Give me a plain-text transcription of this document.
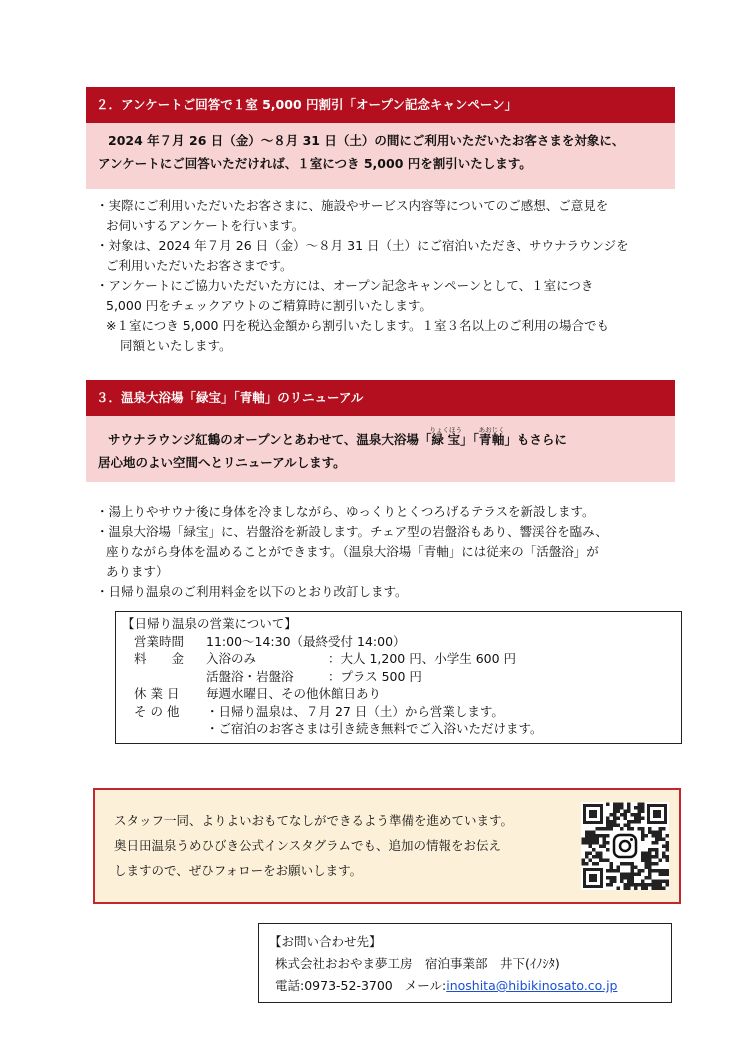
２．アンケートご回答で１室 5,000 円割引「オープン記念キャンペーン」

2024 年７月 26 日（金）～８月 31 日（土）の間にご利用いただいたお客さまを対象に、

アンケートにご回答いただければ、１室につき 5,000 円を割引いたします。

・実際にご利用いただいたお客さまに、施設やサービス内容等についてのご感想、ご意見を

お伺いするアンケートを行います。

・対象は、2024 年７月 26 日（金）～８月 31 日（土）にご宿泊いただき、サウナラウンジを

ご利用いただいたお客さまです。

・アンケートにご協力いただいた方には、オープン記念キャンペーンとして、１室につき

5,000 円をチェックアウトのご精算時に割引いたします。

※１室につき 5,000 円を税込金額から割引いたします。１室３名以上のご利用の場合でも

同額といたします。

３．温泉大浴場「緑宝」「青軸」のリニューアル

サウナラウンジ紅鶴のオープンとあわせて、温泉大浴場「緑宝りょくほう」「青軸あおじく」もさらに

居心地のよい空間へとリニューアルします。

・湯上りやサウナ後に身体を冷ましながら、ゆっくりとくつろげるテラスを新設します。

・温泉大浴場「緑宝」に、岩盤浴を新設します。チェア型の岩盤浴もあり、響渓谷を臨み、

座りながら身体を温めることができます。（温泉大浴場「青軸」には従来の「活盤浴」が

あります）

・日帰り温泉のご利用料金を以下のとおり改訂します。

【日帰り温泉の営業について】
営業時間	11:00～14:30（最終受付 14:00）
料　　金	入浴のみ	：大人 1,200 円、小学生 600 円
活盤浴・岩盤浴	：プラス 500 円
休 業 日	毎週水曜日、その他休館日あり
そ の 他	・日帰り温泉は、７月 27 日（土）から営業します。
・ご宿泊のお客さまは引き続き無料でご入浴いただけます。

スタッフ一同、よりよいおもてなしができるよう準備を進めています。

奥日田温泉うめひびき公式インスタグラムでも、追加の情報をお伝え

しますので、ぜひフォローをお願いします。

【お問い合わせ先】

株式会社おおやま夢工房　宿泊事業部　井下(ｲﾉｼﾀ)

電話:0973-52-3700 メール:inoshita@hibikinosato.co.jp
